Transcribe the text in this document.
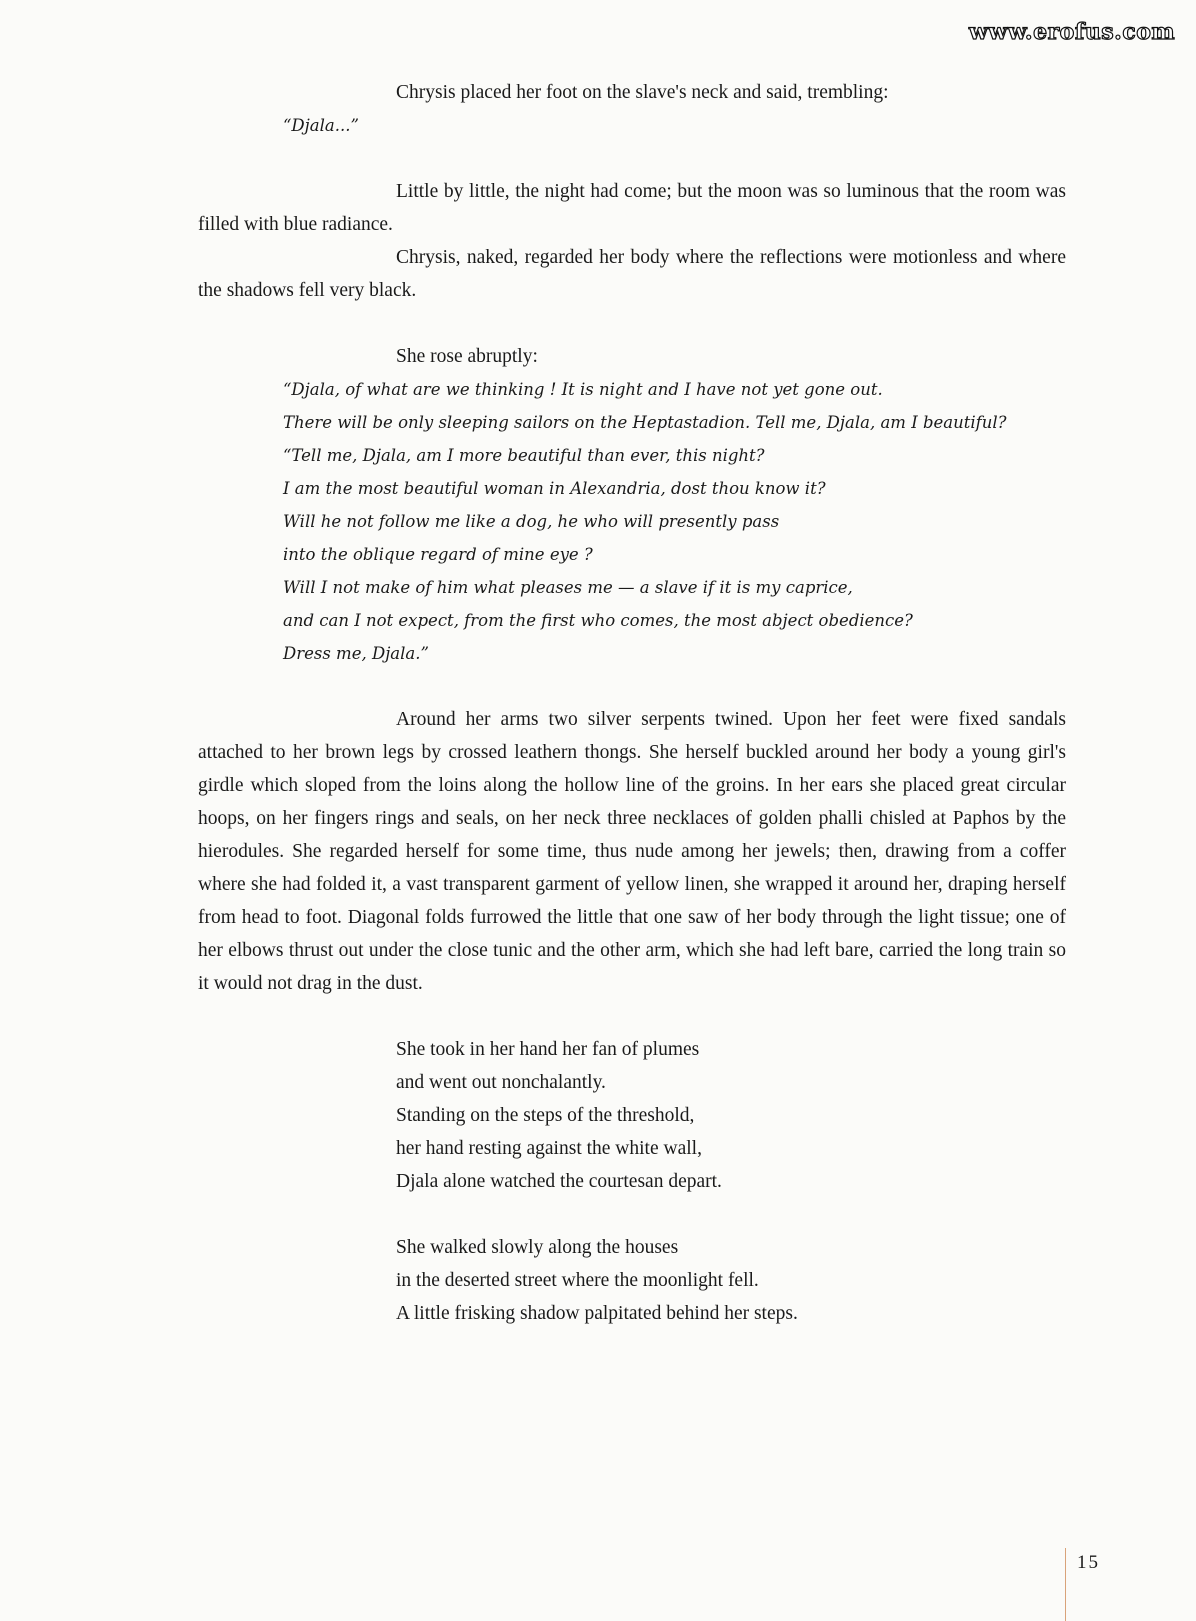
www.erofus.com

Chrysis placed her foot on the slave's neck and said, trembling:

“Djala...”

Little by little, the night had come; but the moon was so luminous that the room was filled with blue radiance.

Chrysis, naked, regarded her body where the reflections were motionless and where the shadows fell very black.

She rose abruptly:

“Djala, of what are we thinking ! It is night and I have not yet gone out.

There will be only sleeping sailors on the Heptastadion. Tell me, Djala, am I beautiful?

“Tell me, Djala, am I more beautiful than ever, this night?

I am the most beautiful woman in Alexandria, dost thou know it?

Will he not follow me like a dog, he who will presently pass

into the oblique regard of mine eye ?

Will I not make of him what pleases me — a slave if it is my caprice,

and can I not expect, from the first who comes, the most abject obedience?

Dress me, Djala.”

Around her arms two silver serpents twined. Upon her feet were fixed sandals attached to her brown legs by crossed leathern thongs. She herself buckled around her body a young girl's girdle which sloped from the loins along the hollow line of the groins. In her ears she placed great circular hoops, on her fingers rings and seals, on her neck three necklaces of golden phalli chisled at Paphos by the hierodules. She regarded herself for some time, thus nude among her jewels; then, drawing from a coffer where she had folded it, a vast transparent garment of yellow linen, she wrapped it around her, draping herself from head to foot. Diagonal folds furrowed the little that one saw of her body through the light tissue; one of her elbows thrust out under the close tunic and the other arm, which she had left bare, carried the long train so it would not drag in the dust.

She took in her hand her fan of plumes

and went out nonchalantly.

Standing on the steps of the threshold,

her hand resting against the white wall,

Djala alone watched the courtesan depart.

She walked slowly along the houses

in the deserted street where the moonlight fell.

A little frisking shadow palpitated behind her steps.

15
